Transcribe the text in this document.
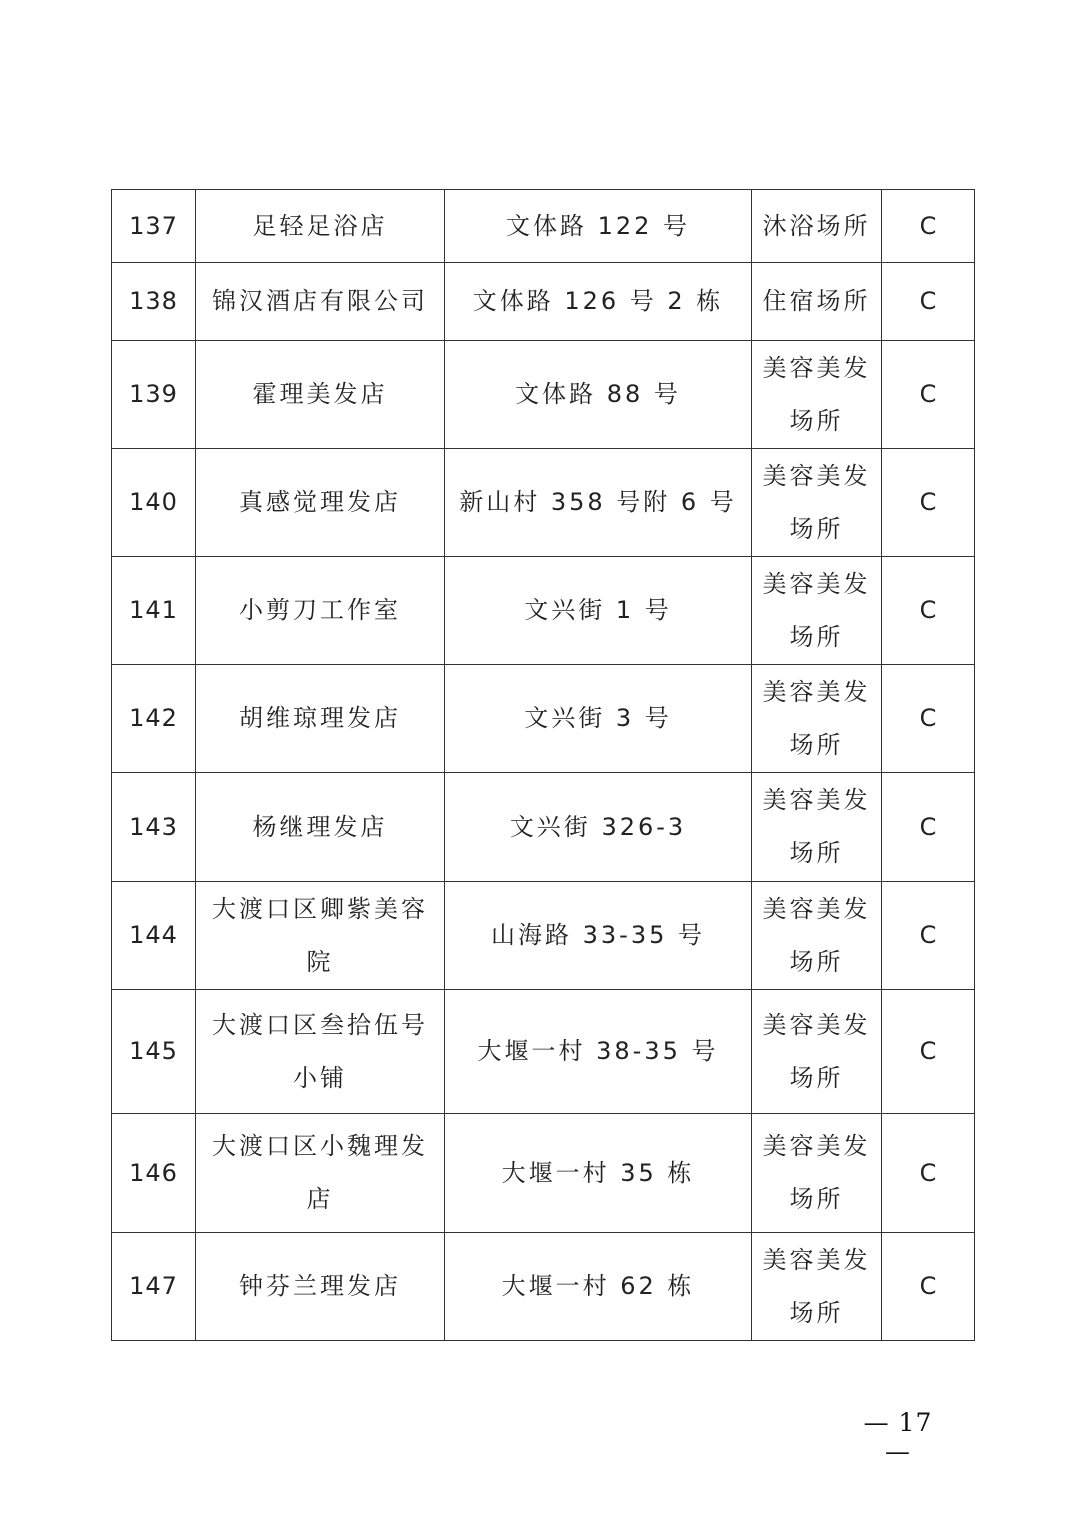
137	足轻足浴店	文体路 122 号	沐浴场所	C
138	锦汉酒店有限公司	文体路 126 号 2 栋	住宿场所	C
139	霍理美发店	文体路 88 号	美容美发场所	C
140	真感觉理发店	新山村 358 号附 6 号	美容美发场所	C
141	小剪刀工作室	文兴街 1 号	美容美发场所	C
142	胡维琼理发店	文兴街 3 号	美容美发场所	C
143	杨继理发店	文兴街 326-3	美容美发场所	C
144	大渡口区卿紫美容院	山海路 33-35 号	美容美发场所	C
145	大渡口区叁拾伍号小铺	大堰一村 38-35 号	美容美发场所	C
146	大渡口区小魏理发店	大堰一村 35 栋	美容美发场所	C
147	钟芬兰理发店	大堰一村 62 栋	美容美发场所	C
— 17 —
